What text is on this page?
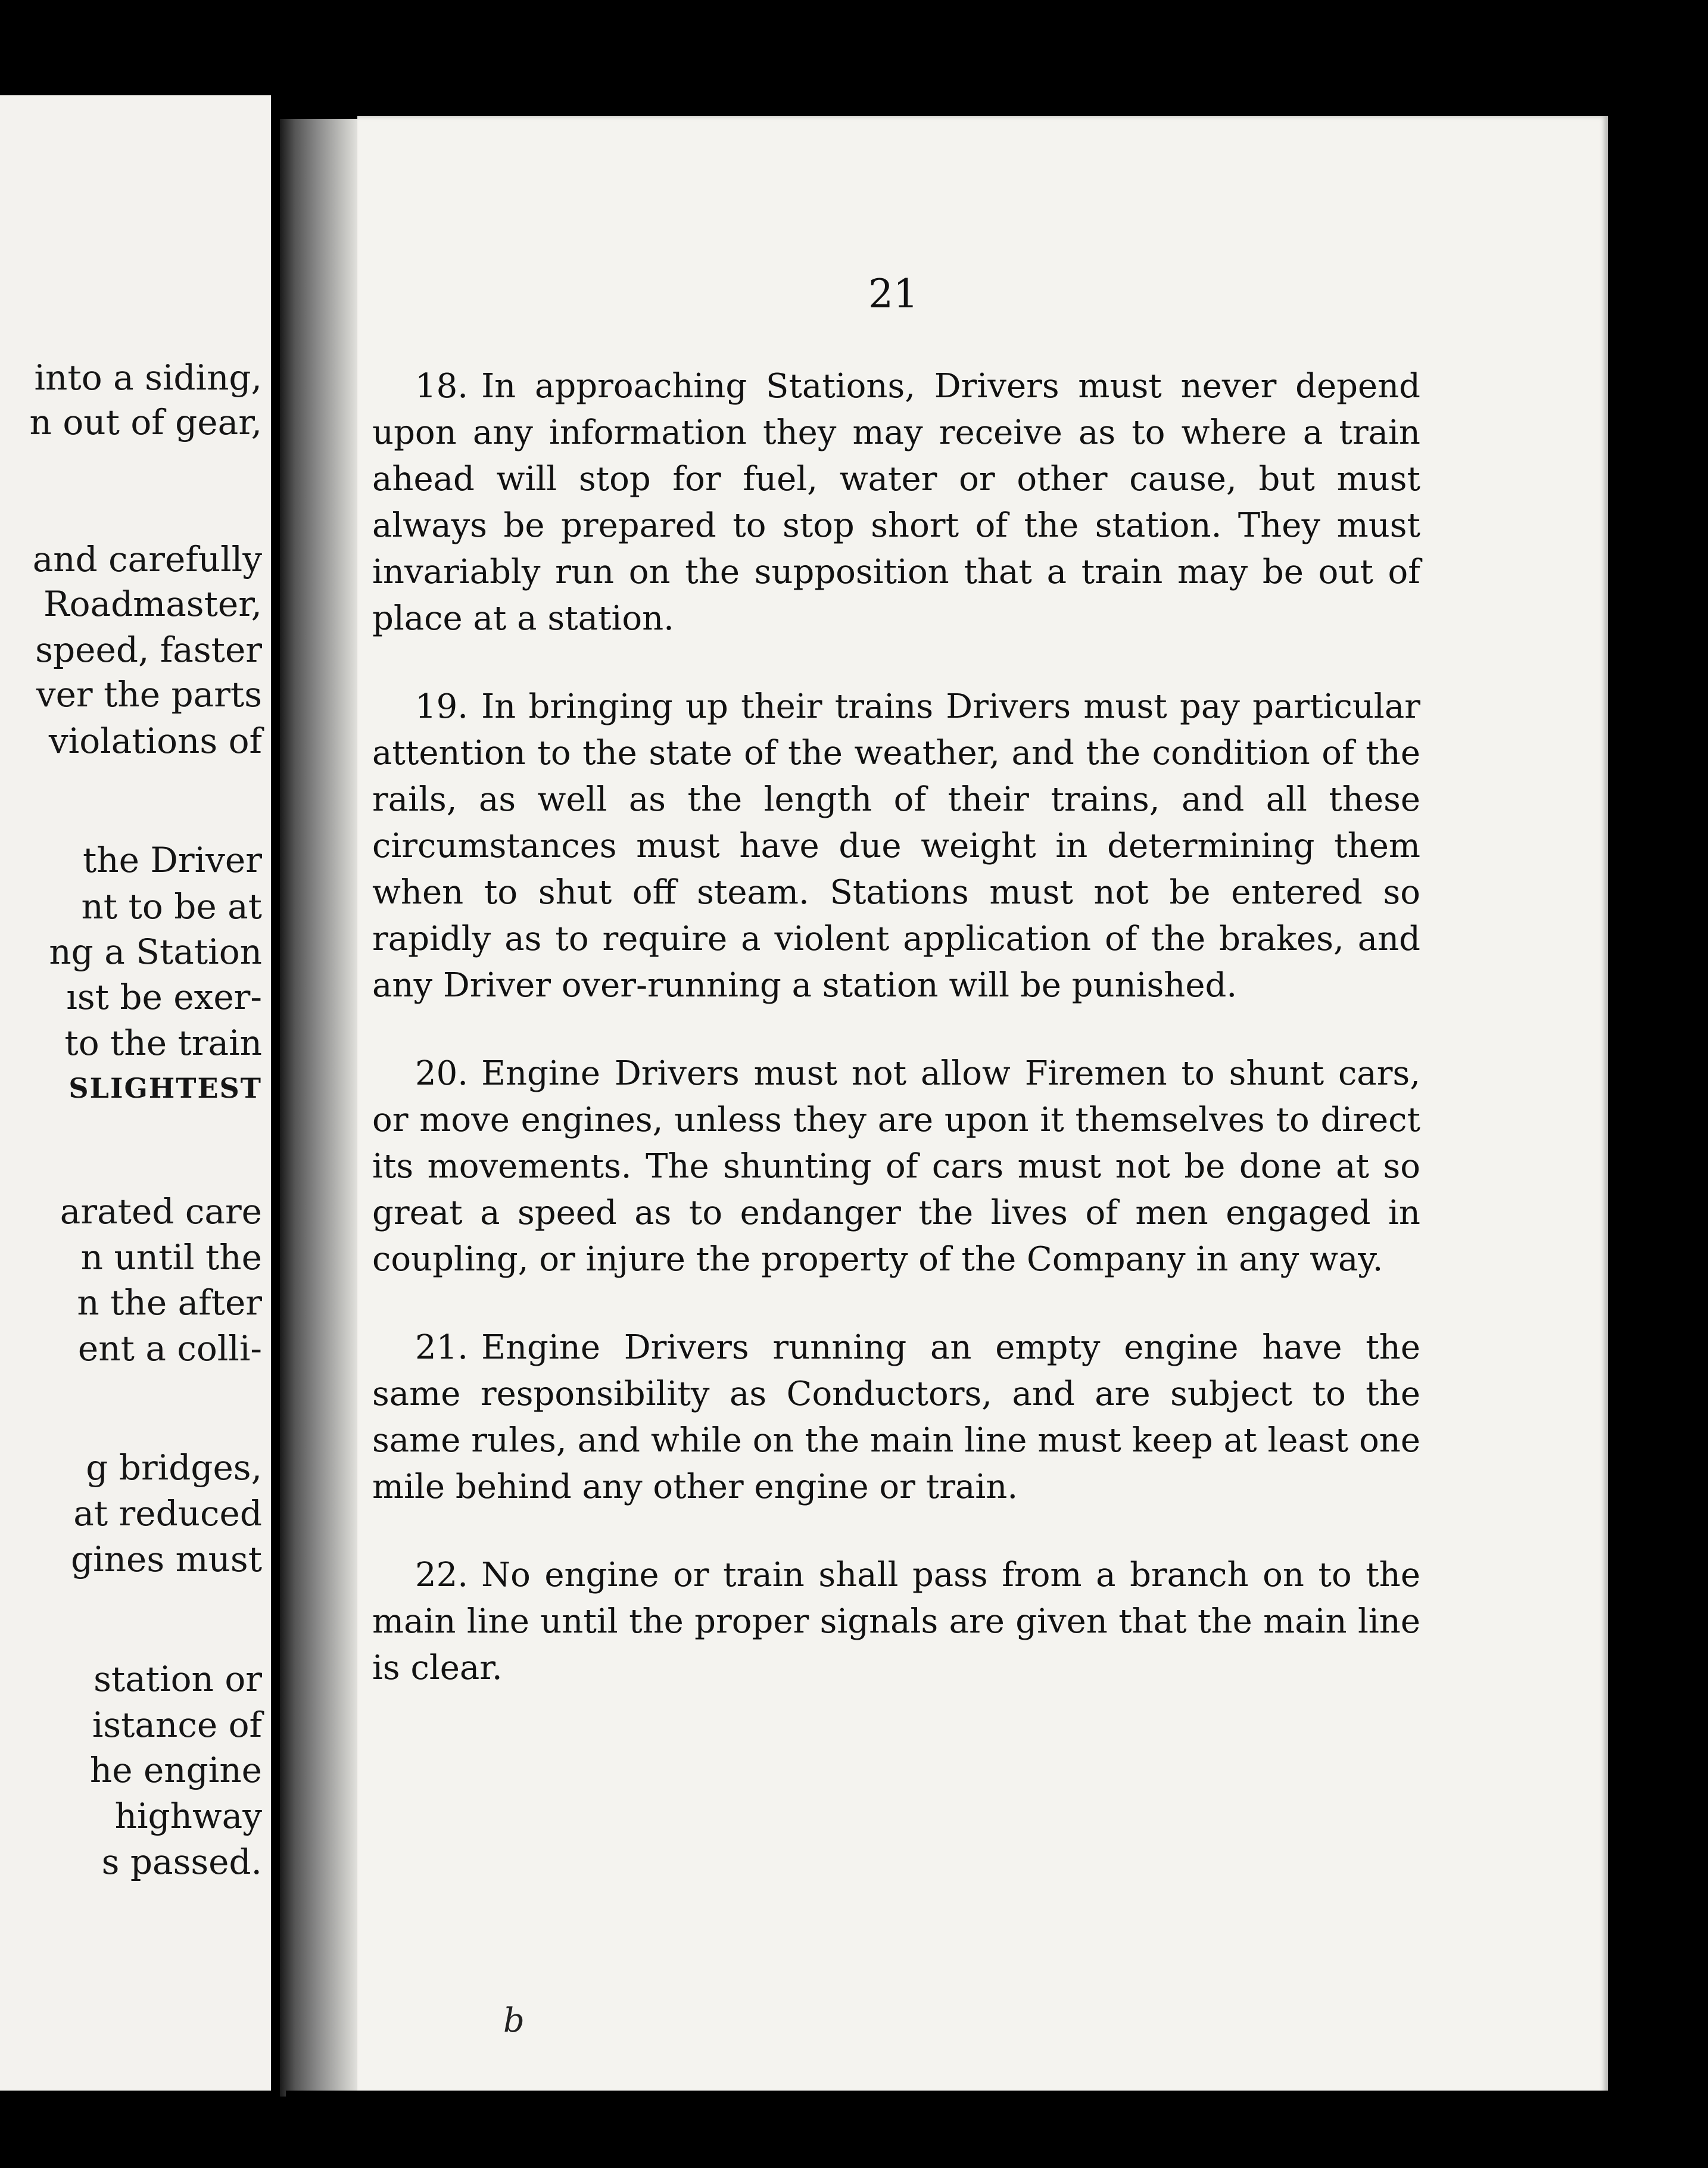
into a siding,
n out of gear,
and carefully
Roadmaster,
speed, faster
ver the parts
violations of
the Driver
nt to be at
ng a Station
ıst be exer-
to the train
SLIGHTEST
arated care
n until the
n the after
ent a colli-
g bridges,
at reduced
gines must
station or
istance of
he engine
highway
s passed.
21

18. In approaching Stations, Drivers must never depend upon any information they may receive as to where a train ahead will stop for fuel, water or other cause, but must always be prepared to stop short of the station. They must invariably run on the supposition that a train may be out of place at a station.

19. In bringing up their trains Drivers must pay particular attention to the state of the weather, and the condition of the rails, as well as the length of their trains, and all these circumstances must have due weight in determining them when to shut off steam. Stations must not be entered so rapidly as to require a violent application of the brakes, and any Driver over-running a station will be punished.

20. Engine Drivers must not allow Firemen to shunt cars, or move engines, unless they are upon it themselves to direct its movements. The shunting of cars must not be done at so great a speed as to endanger the lives of men engaged in coupling, or injure the property of the Company in any way.

21. Engine Drivers running an empty engine have the same responsibility as Conductors, and are subject to the same rules, and while on the main line must keep at least one mile behind any other engine or train.

22. No engine or train shall pass from a branch on to the main line until the proper signals are given that the main line is clear.

b
